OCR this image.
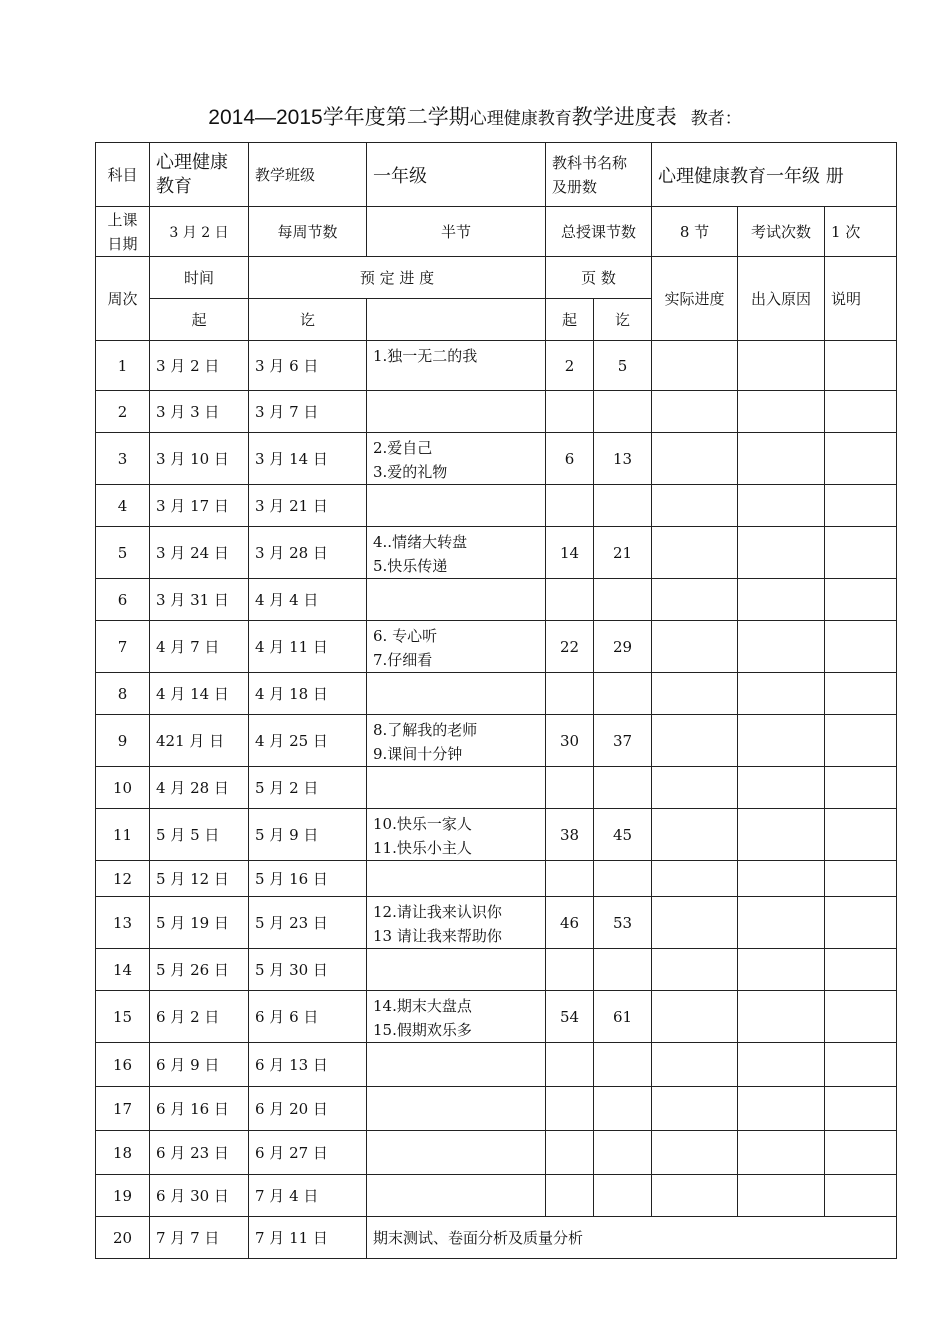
2014—2015学年度第二学期心理健康教育教学进度表 教者：
科目	心理健康
教育	教学班级	一年级	教科书名称
及册数		心理健康教育一年级 册		

上课
日期	3 月 2 日	每周节数	半节	总授课节数		8 节	考试次数	1 次
周次	时间	预 定 进 度		页 数		实际进度	出入原因	说明
	起	讫		起	讫			
1	3 月 2 日	3 月 6 日	1.独一无二的我	2	5			
2	3 月 3 日	3 月 7 日	

3	3 月 10 日	3 月 14 日	2.爱自己
3.爱的礼物	6	13			
4	3 月 17 日	3 月 21 日	

5	3 月 24 日	3 月 28 日	4..情绪大转盘
5.快乐传递	14	21			
6	3 月 31 日	4 月 4 日	

7	4 月 7 日	4 月 11 日	6. 专心听
7.仔细看	22	29			
8	4 月 14 日	4 月 18 日	

9	421 月 日	4 月 25 日	8.了解我的老师
9.课间十分钟	30	37			
10	4 月 28 日	5 月 2 日	

11	5 月 5 日	5 月 9 日	10.快乐一家人
11.快乐小主人	38	45			
12	5 月 12 日	5 月 16 日	

13	5 月 19 日	5 月 23 日	12.请让我来认识你
13 请让我来帮助你	46	53			
14	5 月 26 日	5 月 30 日	

15	6 月 2 日	6 月 6 日	14.期末大盘点
15.假期欢乐多	54	61			
16	6 月 9 日	6 月 13 日	

17	6 月 16 日	6 月 20 日	

18	6 月 23 日	6 月 27 日	

19	6 月 30 日	7 月 4 日	

20	7 月 7 日	7 月 11 日	期末测试、卷面分析及质量分析					
